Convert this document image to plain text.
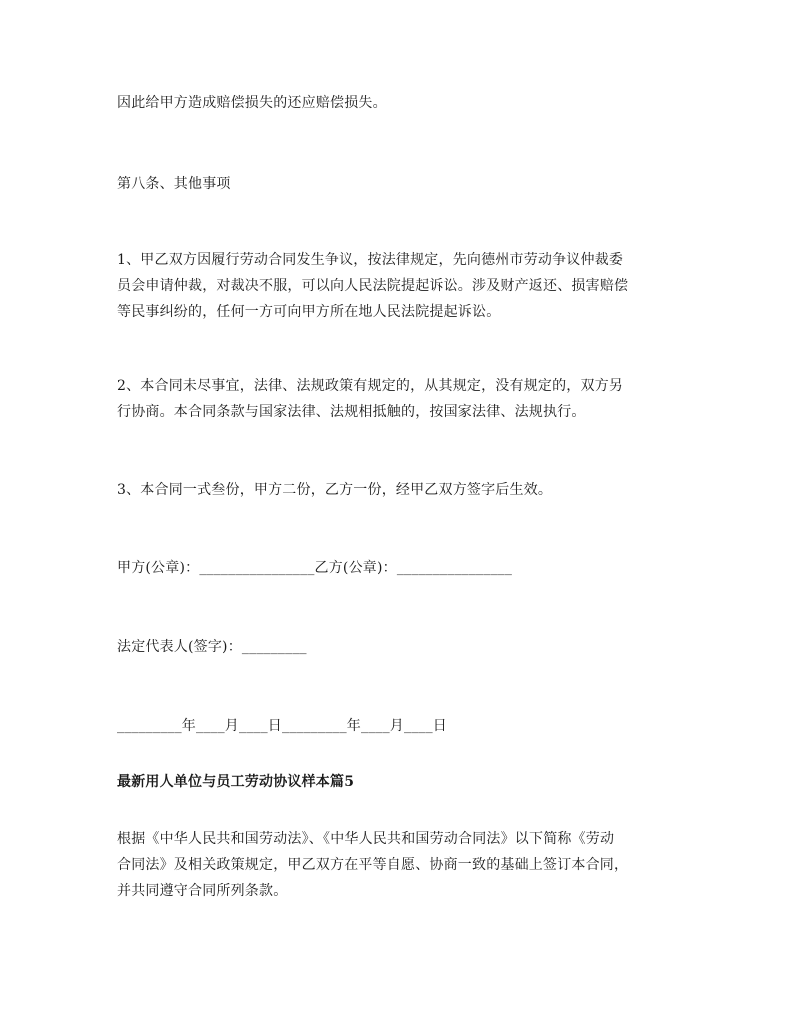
因此给甲方造成赔偿损失的还应赔偿损失。
第八条、其他事项
1、甲乙双方因履行劳动合同发生争议，按法律规定，先向德州市劳动争议仲裁委
员会申请仲裁，对裁决不服，可以向人民法院提起诉讼。涉及财产返还、损害赔偿
等民事纠纷的，任何一方可向甲方所在地人民法院提起诉讼。
2、本合同未尽事宜，法律、法规政策有规定的，从其规定，没有规定的，双方另
行协商。本合同条款与国家法律、法规相抵触的，按国家法律、法规执行。
3、本合同一式叁份，甲方二份，乙方一份，经甲乙双方签字后生效。
甲方(公章)：________________乙方(公章)：________________
法定代表人(签字)：_________
_________年____月____日_________年____月____日
最新用人单位与员工劳动协议样本篇5
根据《中华人民共和国劳动法》、《中华人民共和国劳动合同法》以下简称《劳动
合同法》及相关政策规定，甲乙双方在平等自愿、协商一致的基础上签订本合同，
并共同遵守合同所列条款。
